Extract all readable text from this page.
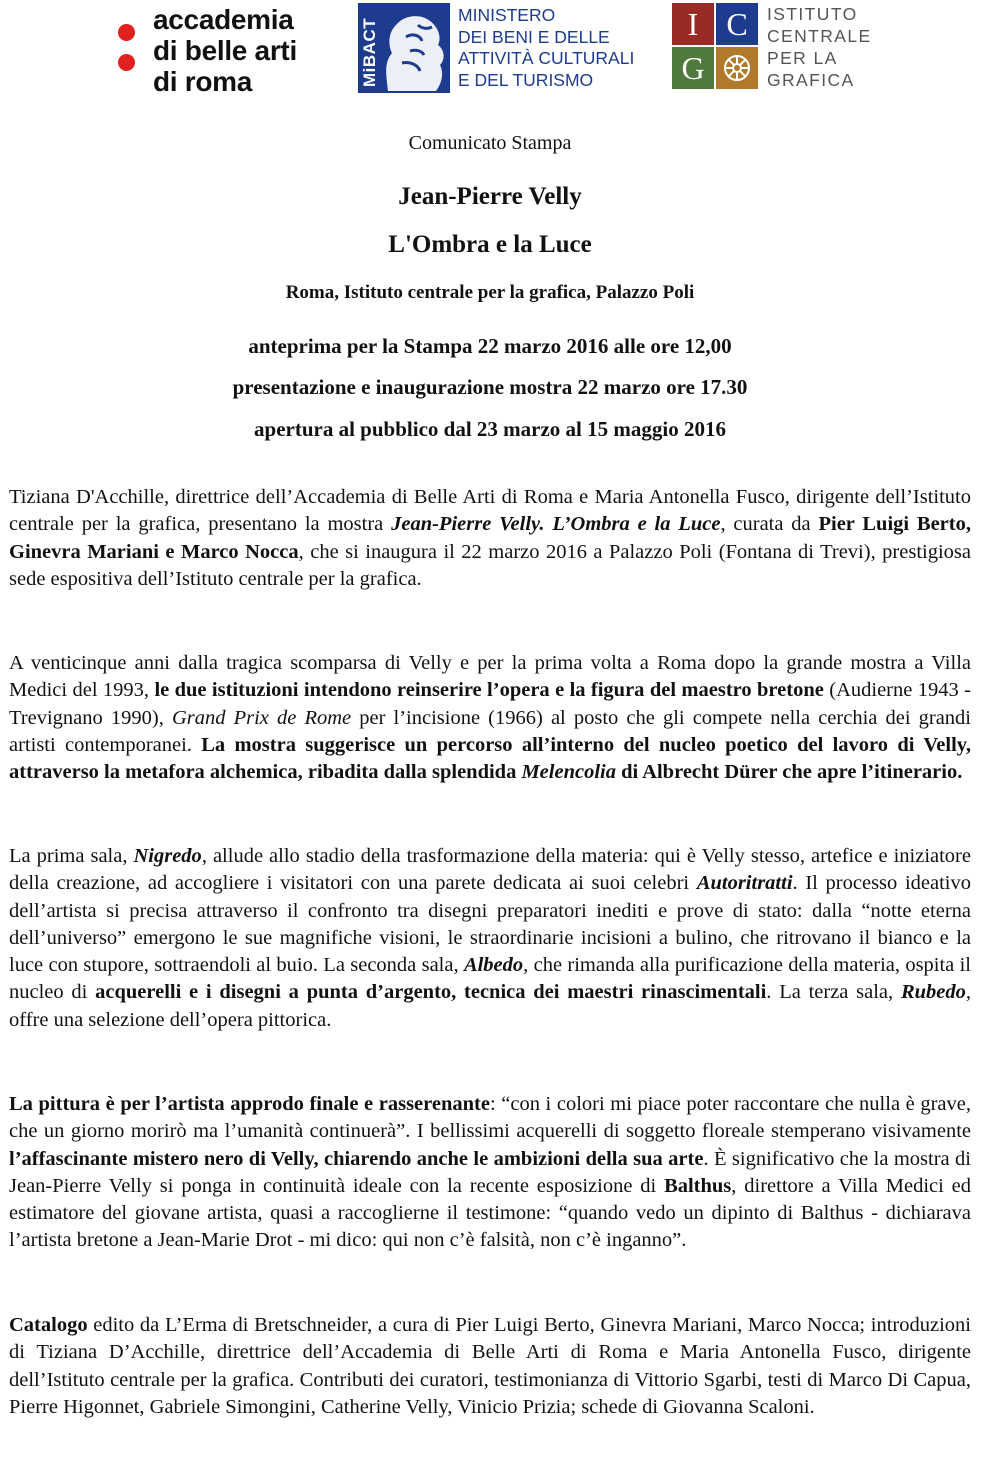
accademia
di belle arti
di roma	MiBACT
MINISTERO
DEI BENI E DELLE
ATTIVITÀ CULTURALI
E DEL TURISMO
I C
G
ISTITUTO
CENTRALE
PER LA
GRAFICA
Comunicato Stampa
Jean-Pierre Velly
L'Ombra e la Luce
Roma, Istituto centrale per la grafica, Palazzo Poli
anteprima per la Stampa 22 marzo 2016 alle ore 12,00
presentazione e inaugurazione mostra 22 marzo ore 17.30
apertura al pubblico dal 23 marzo al 15 maggio 2016
Tiziana D'Acchille, direttrice dell’Accademia di Belle Arti di Roma e Maria Antonella Fusco, dirigente dell’Istituto centrale per la grafica, presentano la mostra Jean-Pierre Velly. L’Ombra e la Luce, curata da Pier Luigi Berto, Ginevra Mariani e Marco Nocca, che si inaugura il 22 marzo 2016 a Palazzo Poli (Fontana di Trevi), prestigiosa sede espositiva dell’Istituto centrale per la grafica.
A venticinque anni dalla tragica scomparsa di Velly e per la prima volta a Roma dopo la grande mostra a Villa Medici del 1993, le due istituzioni intendono reinserire l’opera e la figura del maestro bretone (Audierne 1943 - Trevignano 1990), Grand Prix de Rome per l’incisione (1966) al posto che gli compete nella cerchia dei grandi artisti contemporanei. La mostra suggerisce un percorso all’interno del nucleo poetico del lavoro di Velly, attraverso la metafora alchemica, ribadita dalla splendida Melencolia di Albrecht Dürer che apre l’itinerario.
La prima sala, Nigredo, allude allo stadio della trasformazione della materia: qui è Velly stesso, artefice e iniziatore della creazione, ad accogliere i visitatori con una parete dedicata ai suoi celebri Autoritratti. Il processo ideativo dell’artista si precisa attraverso il confronto tra disegni preparatori inediti e prove di stato: dalla “notte eterna dell’universo” emergono le sue magnifiche visioni, le straordinarie incisioni a bulino, che ritrovano il bianco e la luce con stupore, sottraendoli al buio. La seconda sala, Albedo, che rimanda alla purificazione della materia, ospita il nucleo di acquerelli e i disegni a punta d’argento, tecnica dei maestri rinascimentali. La terza sala, Rubedo, offre una selezione dell’opera pittorica.
La pittura è per l’artista approdo finale e rasserenante: “con i colori mi piace poter raccontare che nulla è grave, che un giorno morirò ma l’umanità continuerà”. I bellissimi acquerelli di soggetto floreale stemperano visivamente l’affascinante mistero nero di Velly, chiarendo anche le ambizioni della sua arte. È significativo che la mostra di Jean-Pierre Velly si ponga in continuità ideale con la recente esposizione di Balthus, direttore a Villa Medici ed estimatore del giovane artista, quasi a raccoglierne il testimone: “quando vedo un dipinto di Balthus - dichiarava l’artista bretone a Jean-Marie Drot - mi dico: qui non c’è falsità, non c’è inganno”.
Catalogo edito da L’Erma di Bretschneider, a cura di Pier Luigi Berto, Ginevra Mariani, Marco Nocca; introduzioni di Tiziana D’Acchille, direttrice dell’Accademia di Belle Arti di Roma e Maria Antonella Fusco, dirigente dell’Istituto centrale per la grafica. Contributi dei curatori, testimonianza di Vittorio Sgarbi, testi di Marco Di Capua, Pierre Higonnet, Gabriele Simongini, Catherine Velly, Vinicio Prizia; schede di Giovanna Scaloni.
